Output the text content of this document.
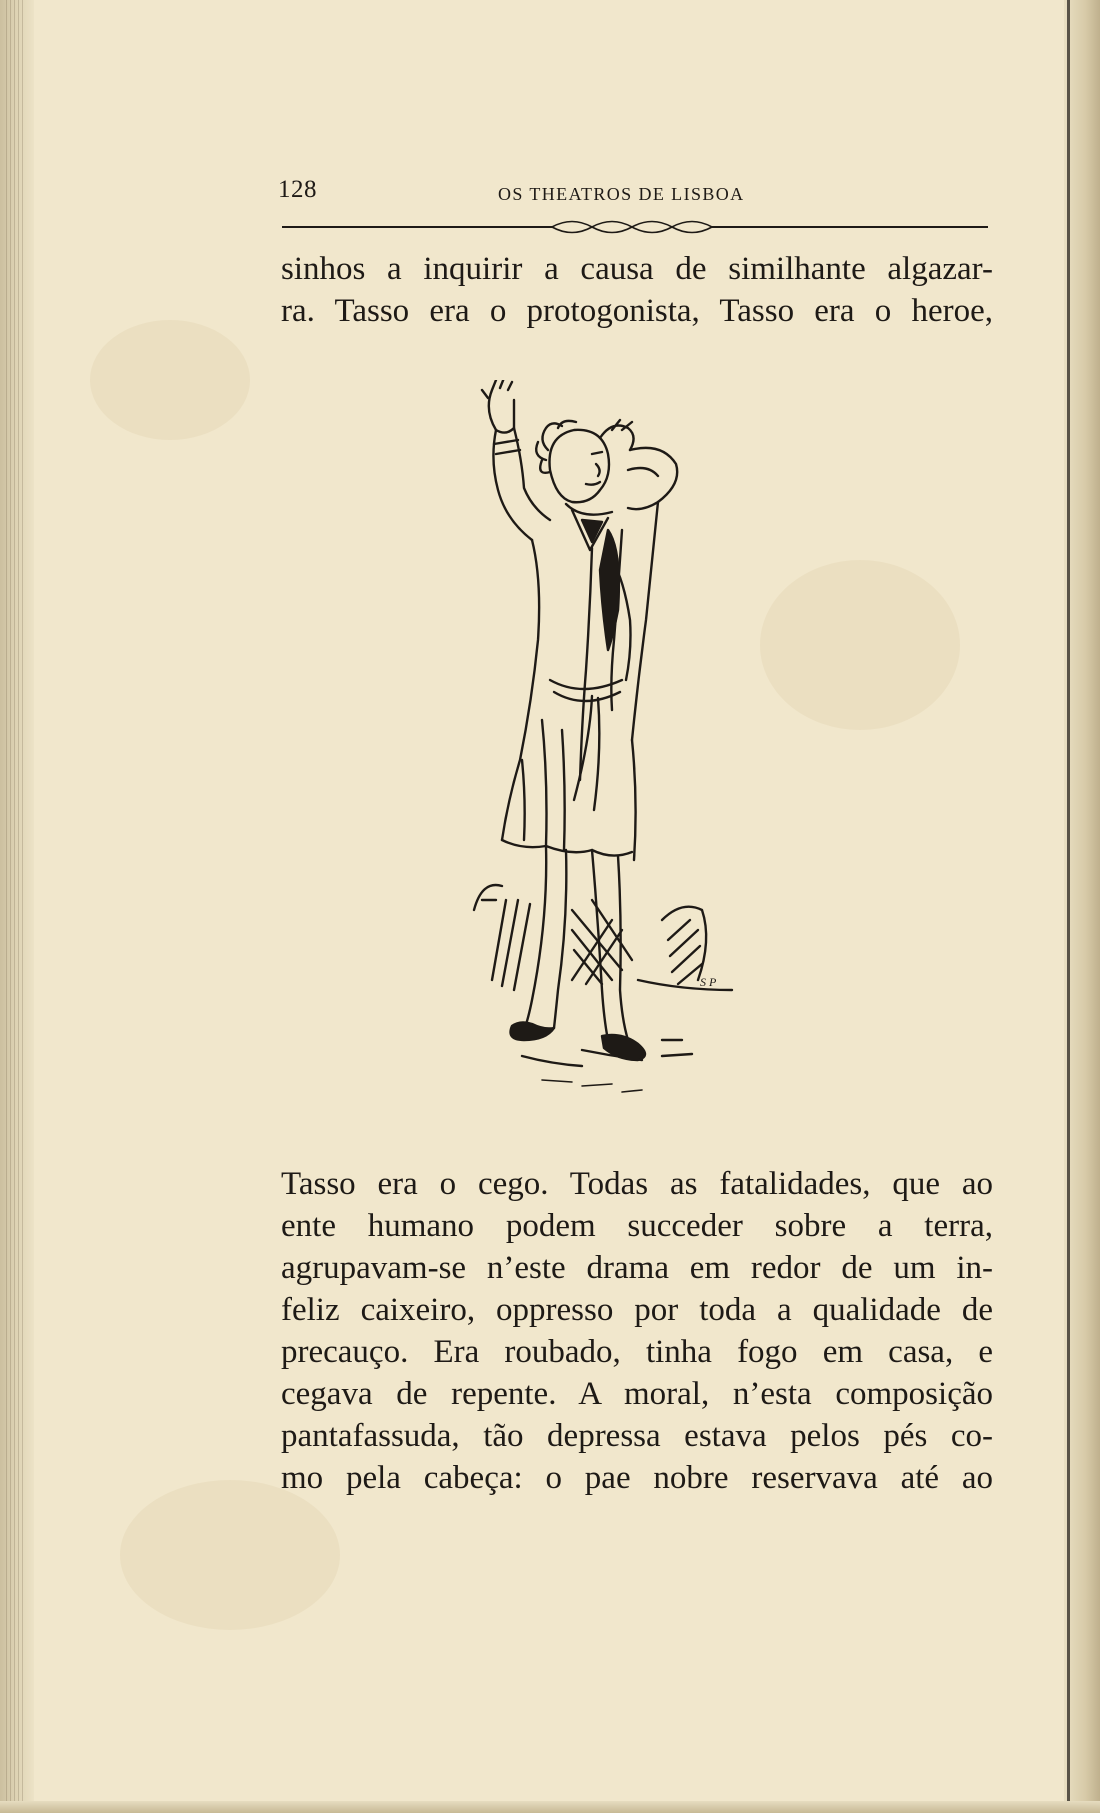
128	OS THEATROS DE LISBOA
sinhos a inquirir a causa de similhante algazar-
ra. Tasso era o protogonista, Tasso era o heroe,
S P
Tasso era o cego. Todas as fatalidades, que ao
ente humano podem succeder sobre a terra,
agrupavam-se n’este drama em redor de um in-
feliz caixeiro, oppresso por toda a qualidade de
precauço. Era roubado, tinha fogo em casa, e
cegava de repente. A moral, n’esta composição
pantafassuda, tão depressa estava pelos pés co-
mo pela cabeça: o pae nobre reservava até ao
